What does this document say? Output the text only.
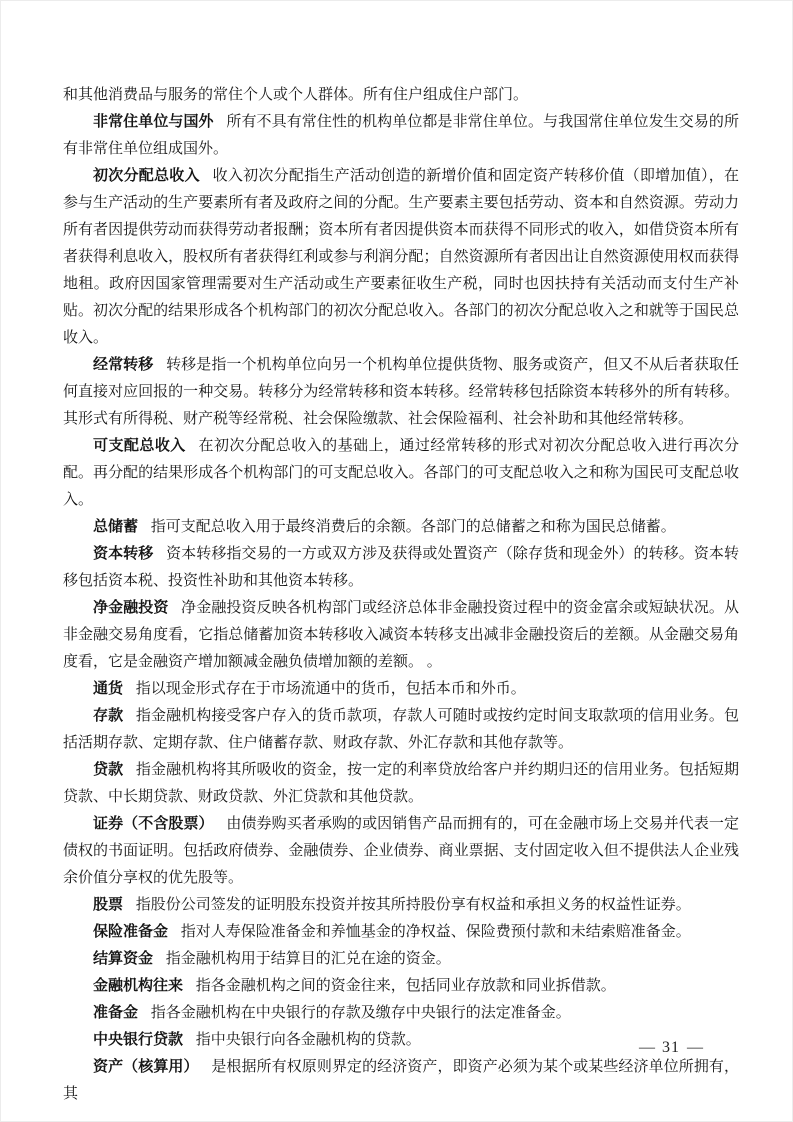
和其他消费品与服务的常住个人或个人群体。所有住户组成住户部门。

非常住单位与国外 所有不具有常住性的机构单位都是非常住单位。与我国常住单位发生交易的所有非常住单位组成国外。

初次分配总收入 收入初次分配指生产活动创造的新增价值和固定资产转移价值（即增加值），在参与生产活动的生产要素所有者及政府之间的分配。生产要素主要包括劳动、资本和自然资源。劳动力所有者因提供劳动而获得劳动者报酬；资本所有者因提供资本而获得不同形式的收入，如借贷资本所有者获得利息收入，股权所有者获得红利或参与利润分配；自然资源所有者因出让自然资源使用权而获得地租。政府因国家管理需要对生产活动或生产要素征收生产税，同时也因扶持有关活动而支付生产补贴。初次分配的结果形成各个机构部门的初次分配总收入。各部门的初次分配总收入之和就等于国民总收入。

经常转移 转移是指一个机构单位向另一个机构单位提供货物、服务或资产，但又不从后者获取任何直接对应回报的一种交易。转移分为经常转移和资本转移。经常转移包括除资本转移外的所有转移。其形式有所得税、财产税等经常税、社会保险缴款、社会保险福利、社会补助和其他经常转移。

可支配总收入 在初次分配总收入的基础上，通过经常转移的形式对初次分配总收入进行再次分配。再分配的结果形成各个机构部门的可支配总收入。各部门的可支配总收入之和称为国民可支配总收入。

总储蓄 指可支配总收入用于最终消费后的余额。各部门的总储蓄之和称为国民总储蓄。

资本转移 资本转移指交易的一方或双方涉及获得或处置资产（除存货和现金外）的转移。资本转移包括资本税、投资性补助和其他资本转移。

净金融投资 净金融投资反映各机构部门或经济总体非金融投资过程中的资金富余或短缺状况。从非金融交易角度看，它指总储蓄加资本转移收入减资本转移支出减非金融投资后的差额。从金融交易角度看，它是金融资产增加额减金融负债增加额的差额。 。

通货 指以现金形式存在于市场流通中的货币，包括本币和外币。

存款 指金融机构接受客户存入的货币款项，存款人可随时或按约定时间支取款项的信用业务。包括活期存款、定期存款、住户储蓄存款、财政存款、外汇存款和其他存款等。

贷款 指金融机构将其所吸收的资金，按一定的利率贷放给客户并约期归还的信用业务。包括短期贷款、中长期贷款、财政贷款、外汇贷款和其他贷款。

证券（不含股票） 由债券购买者承购的或因销售产品而拥有的，可在金融市场上交易并代表一定债权的书面证明。包括政府债券、金融债券、企业债券、商业票据、支付固定收入但不提供法人企业残余价值分享权的优先股等。

股票 指股份公司签发的证明股东投资并按其所持股份享有权益和承担义务的权益性证券。

保险准备金 指对人寿保险准备金和养恤基金的净权益、保险费预付款和未结索赔准备金。

结算资金 指金融机构用于结算目的汇兑在途的资金。

金融机构往来 指各金融机构之间的资金往来，包括同业存放款和同业拆借款。

准备金 指各金融机构在中央银行的存款及缴存中央银行的法定准备金。

中央银行贷款 指中央银行向各金融机构的贷款。

资产（核算用） 是根据所有权原则界定的经济资产，即资产必须为某个或某些经济单位所拥有，其

— 31 —
